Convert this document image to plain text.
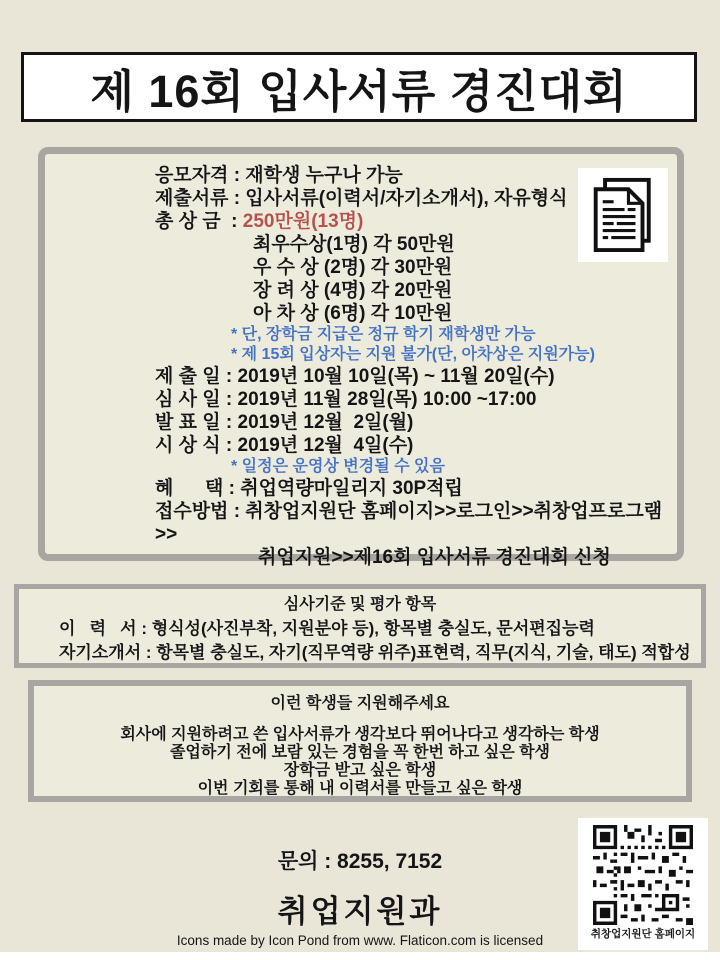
제 16회 입사서류 경진대회
응모자격 : 재학생 누구나 가능
제출서류 : 입사서류(이력서/자기소개서), 자유형식
총 상 금  : 250만원(13명)
최우수상(1명) 각 50만원
우 수 상 (2명) 각 30만원
장 려 상 (4명) 각 20만원
아 차 상 (6명) 각 10만원
* 단, 장학금 지급은 정규 학기 재학생만 가능
* 제 15회 입상자는 지원 불가(단, 아차상은 지원가능)
제 출 일 : 2019년 10월 10일(목) ~ 11월 20일(수)
심 사 일 : 2019년 11월 28일(목) 10:00 ~17:00
발 표 일 : 2019년 12월  2일(월)
시 상 식 : 2019년 12월  4일(수)
* 일정은 운영상 변경될 수 있음
혜      택 : 취업역량마일리지 30P적립
접수방법 : 취창업지원단 홈페이지>>로그인>>취창업프로그램 >>
취업지원>>제16회 입사서류 경진대회 신청
심사기준 및 평가 항목
이   력   서 : 형식성(사진부착, 지원분야 등), 항목별 충실도, 문서편집능력
자기소개서 : 항목별 충실도, 자기(직무역량 위주)표현력, 직무(지식, 기술, 태도) 적합성
이런 학생들 지원해주세요
회사에 지원하려고 쓴 입사서류가 생각보다 뛰어나다고 생각하는 학생
졸업하기 전에 보람 있는 경험을 꼭 한번 하고 싶은 학생
장학금 받고 싶은 학생
이번 기회를 통해 내 이력서를 만들고 싶은 학생
문의 : 8255, 7152
취업지원과
Icons made by Icon Pond from www. Flaticon.com is licensed	취창업지원단 홈페이지
